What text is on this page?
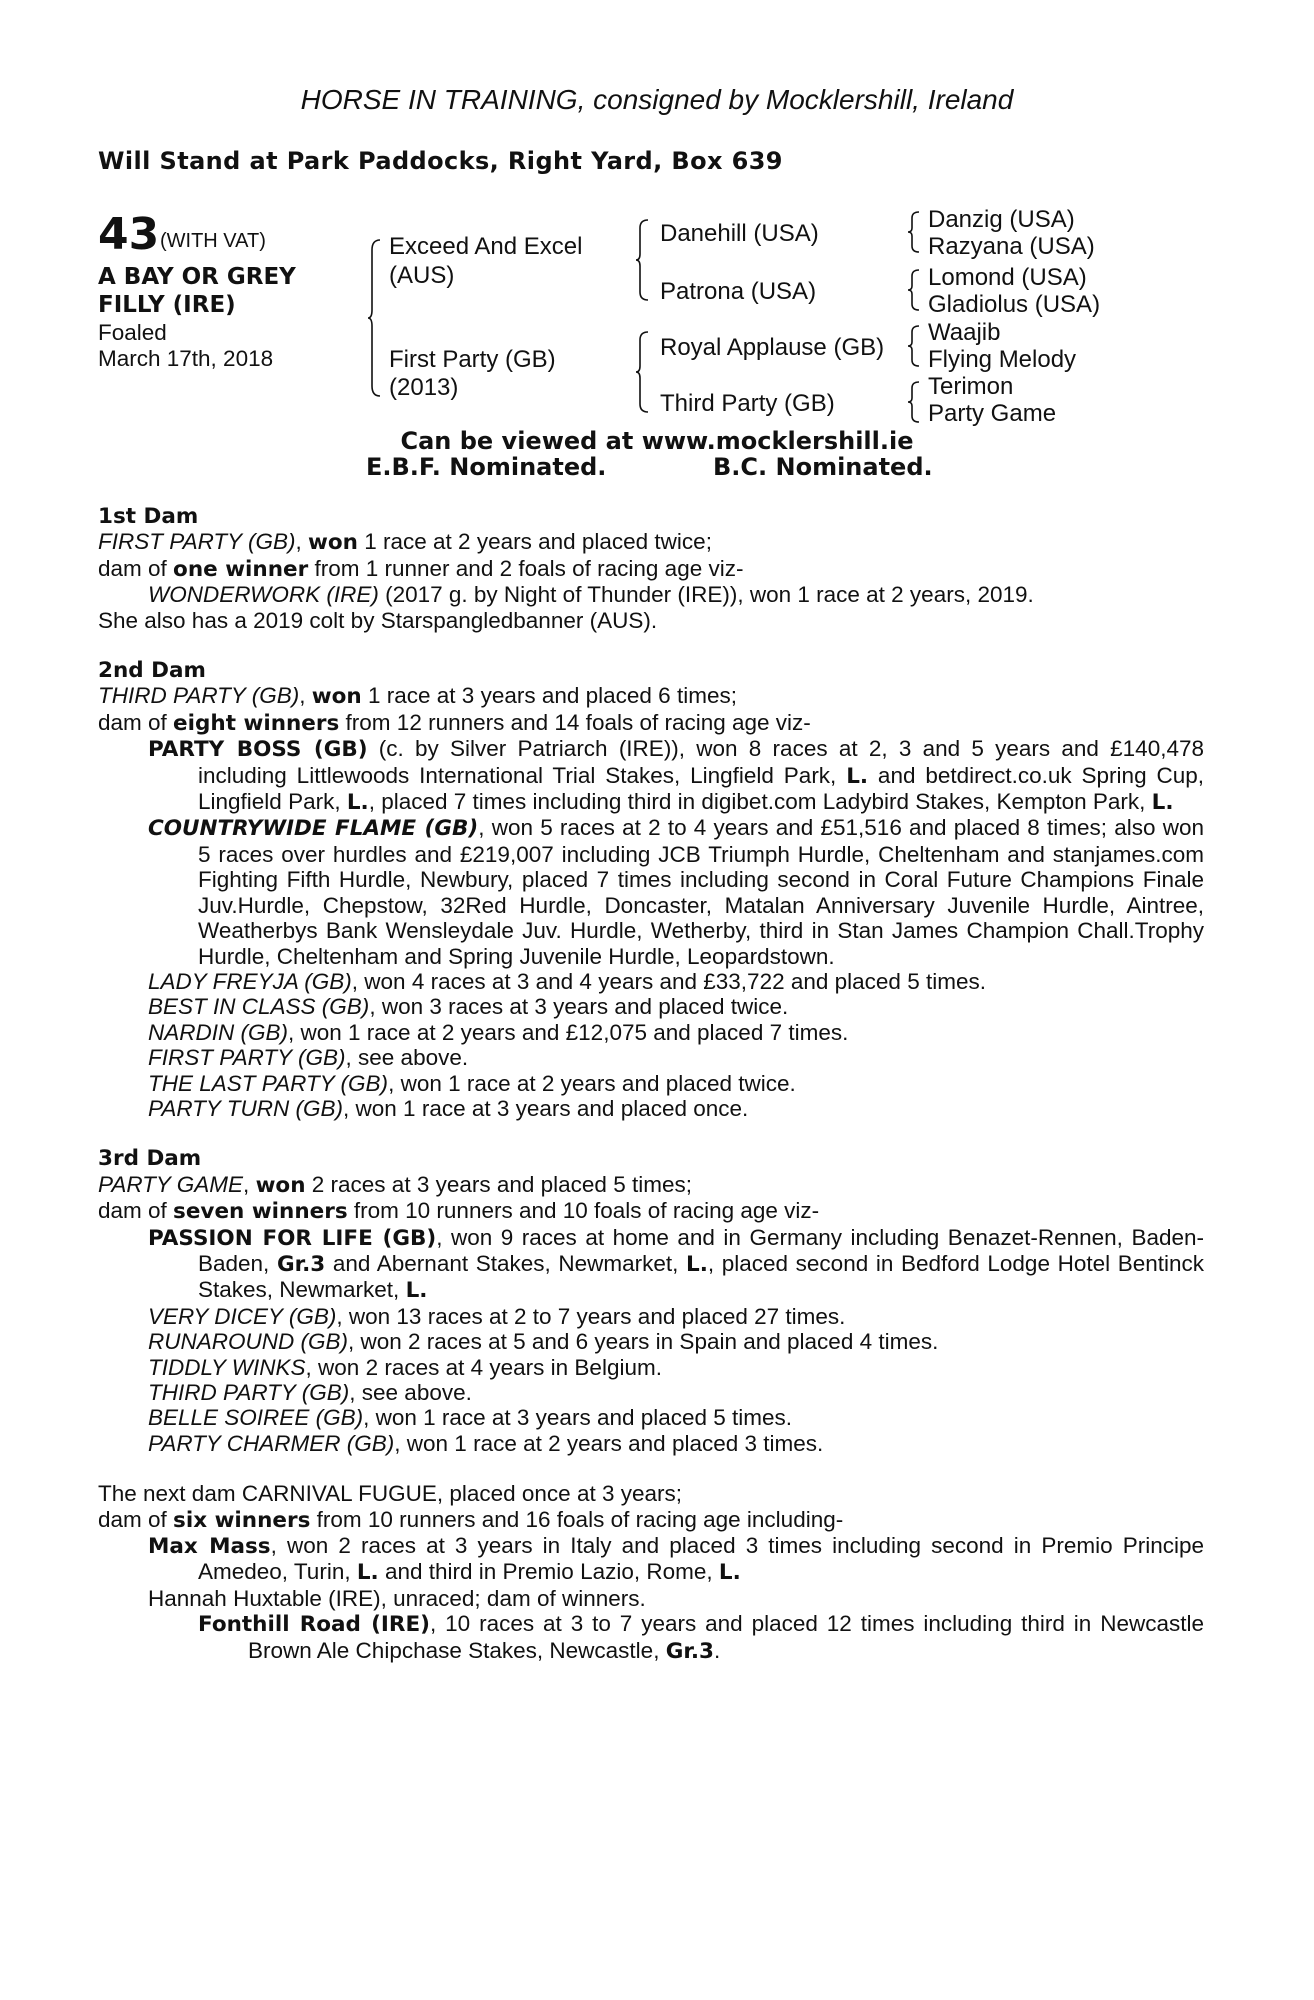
HORSE IN TRAINING, consigned by Mocklershill, Ireland
Will Stand at Park Paddocks, Right Yard, Box 639
43 (WITH VAT)
A BAY OR GREY
FILLY (IRE)
Foaled
March 17th, 2018
Exceed And Excel
(AUS)
First Party (GB)
(2013)
Danehill (USA)
Patrona (USA)
Royal Applause (GB)
Third Party (GB)
Danzig (USA)
Razyana (USA)
Lomond (USA)
Gladiolus (USA)
Waajib
Flying Melody
Terimon
Party Game
Can be viewed at www.mocklershill.ie
E.B.F. Nominated.	B.C. Nominated.
1st Dam
FIRST PARTY (GB), won 1 race at 2 years and placed twice;
dam of one winner from 1 runner and 2 foals of racing age viz-
WONDERWORK (IRE) (2017 g. by Night of Thunder (IRE)), won 1 race at 2 years, 2019.
She also has a 2019 colt by Starspangledbanner (AUS).
2nd Dam
THIRD PARTY (GB), won 1 race at 3 years and placed 6 times;
dam of eight winners from 12 runners and 14 foals of racing age viz-
PARTY BOSS (GB) (c. by Silver Patriarch (IRE)), won 8 races at 2, 3 and 5 years and £140,478 including Littlewoods International Trial Stakes, Lingfield Park, L. and betdirect.co.uk Spring Cup, Lingfield Park, L., placed 7 times including third in digibet.com Ladybird Stakes, Kempton Park, L.
COUNTRYWIDE FLAME (GB), won 5 races at 2 to 4 years and £51,516 and placed 8 times; also won 5 races over hurdles and £219,007 including JCB Triumph Hurdle, Cheltenham and stanjames.com Fighting Fifth Hurdle, Newbury, placed 7 times including second in Coral Future Champions Finale Juv.Hurdle, Chepstow, 32Red Hurdle, Doncaster, Matalan Anniversary Juvenile Hurdle, Aintree, Weatherbys Bank Wensleydale Juv. Hurdle, Wetherby, third in Stan James Champion Chall.Trophy Hurdle, Cheltenham and Spring Juvenile Hurdle, Leopardstown.
LADY FREYJA (GB), won 4 races at 3 and 4 years and £33,722 and placed 5 times.
BEST IN CLASS (GB), won 3 races at 3 years and placed twice.
NARDIN (GB), won 1 race at 2 years and £12,075 and placed 7 times.
FIRST PARTY (GB), see above.
THE LAST PARTY (GB), won 1 race at 2 years and placed twice.
PARTY TURN (GB), won 1 race at 3 years and placed once.
3rd Dam
PARTY GAME, won 2 races at 3 years and placed 5 times;
dam of seven winners from 10 runners and 10 foals of racing age viz-
PASSION FOR LIFE (GB), won 9 races at home and in Germany including Benazet-Rennen, Baden-Baden, Gr.3 and Abernant Stakes, Newmarket, L., placed second in Bedford Lodge Hotel Bentinck Stakes, Newmarket, L.
VERY DICEY (GB), won 13 races at 2 to 7 years and placed 27 times.
RUNAROUND (GB), won 2 races at 5 and 6 years in Spain and placed 4 times.
TIDDLY WINKS, won 2 races at 4 years in Belgium.
THIRD PARTY (GB), see above.
BELLE SOIREE (GB), won 1 race at 3 years and placed 5 times.
PARTY CHARMER (GB), won 1 race at 2 years and placed 3 times.
The next dam CARNIVAL FUGUE, placed once at 3 years;
dam of six winners from 10 runners and 16 foals of racing age including-
Max Mass, won 2 races at 3 years in Italy and placed 3 times including second in Premio Principe Amedeo, Turin, L. and third in Premio Lazio, Rome, L.
Hannah Huxtable (IRE), unraced; dam of winners.
Fonthill Road (IRE), 10 races at 3 to 7 years and placed 12 times including third in Newcastle Brown Ale Chipchase Stakes, Newcastle, Gr.3.
